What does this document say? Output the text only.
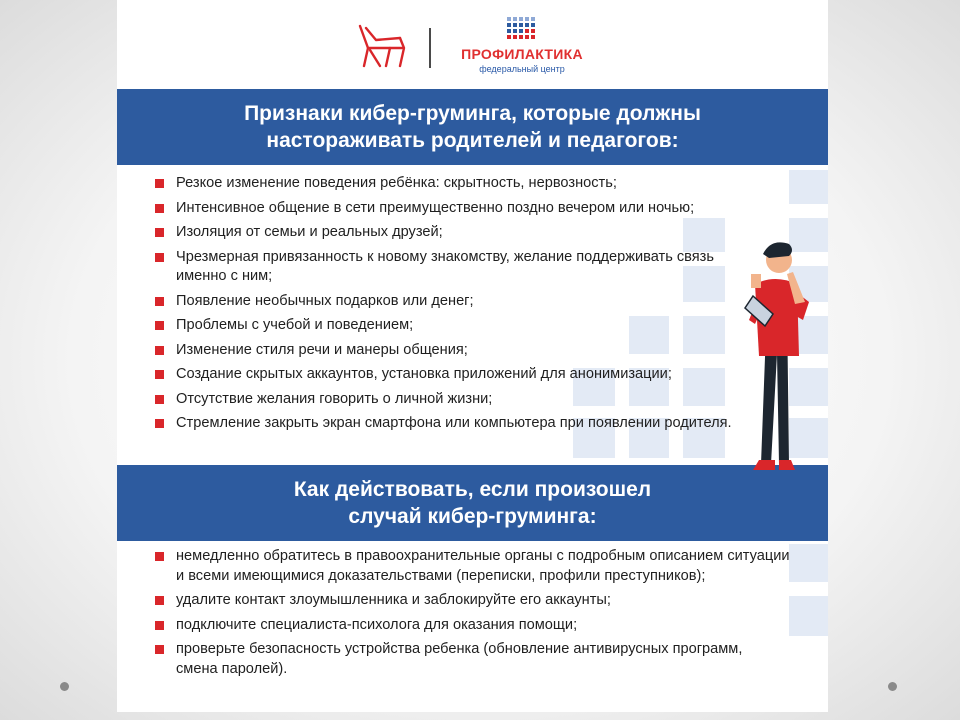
ПРОФИЛАКТИКА
федеральный центр
Признаки кибер-груминга, которые должны
настораживать родителей и педагогов:
Резкое изменение поведения ребёнка: скрытность, нервозность;
Интенсивное общение в сети преимущественно поздно вечером или ночью;
Изоляция от семьи и реальных друзей;
Чрезмерная привязанность к новому знакомству, желание поддерживать связь именно с ним;
Появление необычных подарков или денег;
Проблемы с учебой и поведением;
Изменение стиля речи и манеры общения;
Создание скрытых аккаунтов, установка приложений для анонимизации;
Отсутствие желания говорить о личной жизни;
Стремление закрыть экран смартфона или компьютера при появлении родителя.
Как действовать, если произошел
случай кибер-груминга:
немедленно обратитесь в правоохранительные органы с подробным описанием ситуации и всеми имеющимися доказательствами (переписки, профили преступников);
удалите контакт злоумышленника и заблокируйте его аккаунты;
подключите специалиста-психолога для оказания помощи;
проверьте безопасность устройства ребенка (обновление антивирусных программ, смена паролей).
